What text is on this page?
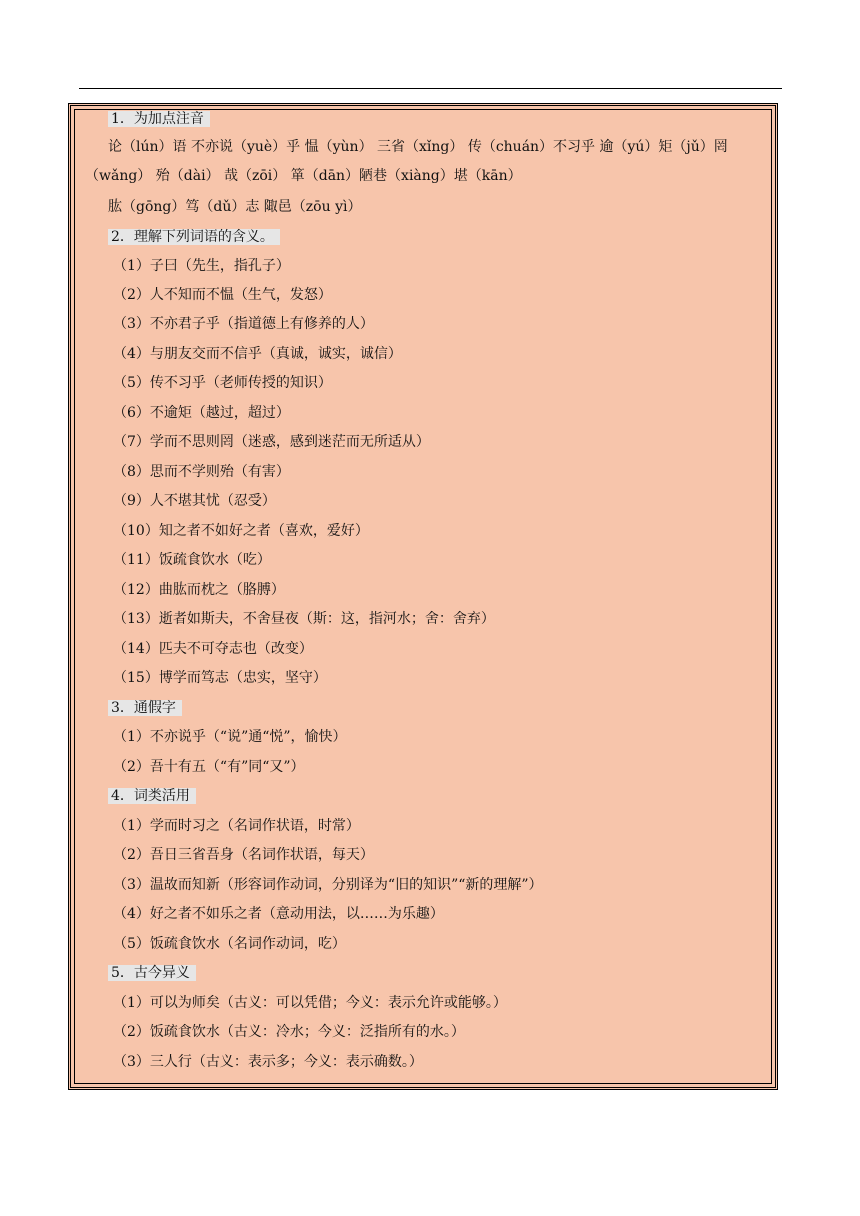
1．为加点注音
论（lún）语 不亦说（yuè）乎 愠（yùn） 三省（xǐng） 传（chuán）不习乎 逾（yú）矩（jǔ）罔（wǎng） 殆（dài） 哉（zōi） 箪（dān）陋巷（xiàng）堪（kān）
肱（gōng）笃（dǔ）志 陬邑（zōu yì）
2．理解下列词语的含义。
（1）子曰（先生，指孔子）
（2）人不知而不愠（生气，发怒）
（3）不亦君子乎（指道德上有修养的人）
（4）与朋友交而不信乎（真诚，诚实，诚信）
（5）传不习乎（老师传授的知识）
（6）不逾矩（越过，超过）
（7）学而不思则罔（迷惑，感到迷茫而无所适从）
（8）思而不学则殆（有害）
（9）人不堪其忧（忍受）
（10）知之者不如好之者（喜欢，爱好）
（11）饭疏食饮水（吃）
（12）曲肱而枕之（胳膊）
（13）逝者如斯夫，不舍昼夜（斯：这，指河水；舍：舍弃）
（14）匹夫不可夺志也（改变）
（15）博学而笃志（忠实，坚守）
3．通假字
（1）不亦说乎（“说”通“悦”，愉快）
（2）吾十有五（“有”同“又”）
4．词类活用
（1）学而时习之（名词作状语，时常）
（2）吾日三省吾身（名词作状语，每天）
（3）温故而知新（形容词作动词，分别译为“旧的知识”“新的理解”）
（4）好之者不如乐之者（意动用法，以……为乐趣）
（5）饭疏食饮水（名词作动词，吃）
5．古今异义
（1）可以为师矣（古义：可以凭借；今义：表示允许或能够。）
（2）饭疏食饮水（古义：冷水；今义：泛指所有的水。）
（3）三人行（古义：表示多；今义：表示确数。）
